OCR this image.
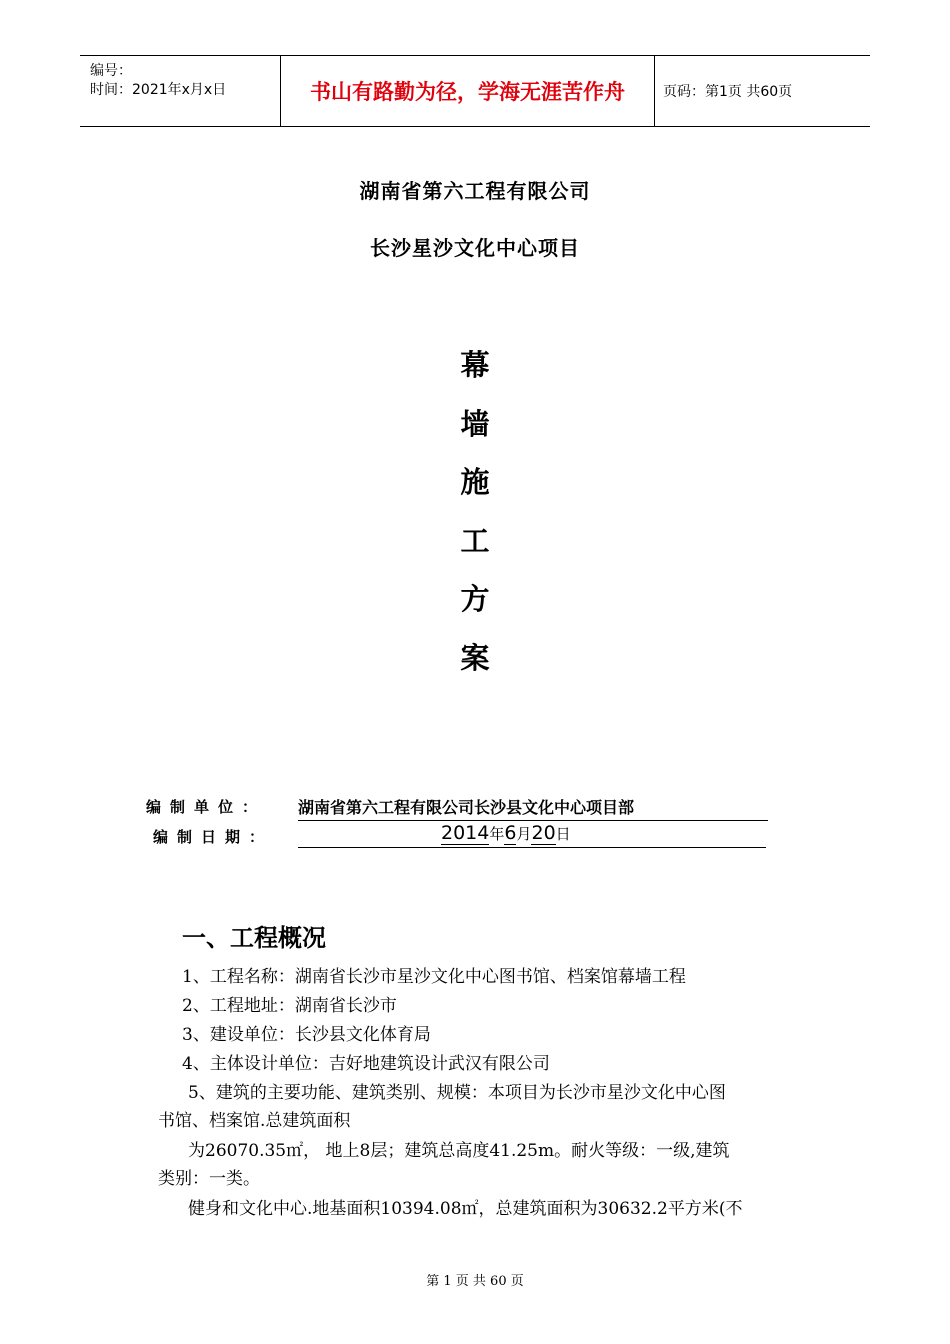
编号：
时间：2021年x月x日	书山有路勤为径，学海无涯苦作舟	页码：第1页 共60页
湖南省第六工程有限公司
长沙星沙文化中心项目
幕
墙
施
工
方
案
编制单位： 湖南省第六工程有限公司长沙县文化中心项目部
编制日期：	2014年6月20日
一、工程概况
1、工程名称：湖南省长沙市星沙文化中心图书馆、档案馆幕墙工程
2、工程地址：湖南省长沙市
3、建设单位：长沙县文化体育局
4、主体设计单位：吉好地建筑设计武汉有限公司
5、建筑的主要功能、建筑类别、规模：本项目为长沙市星沙文化中心图
书馆、档案馆.总建筑面积
为26070.35㎡， 地上8层；建筑总高度41.25m。耐火等级：一级,建筑
类别：一类。
健身和文化中心.地基面积10394.08㎡，总建筑面积为30632.2平方米(不
第 1 页 共 60 页
